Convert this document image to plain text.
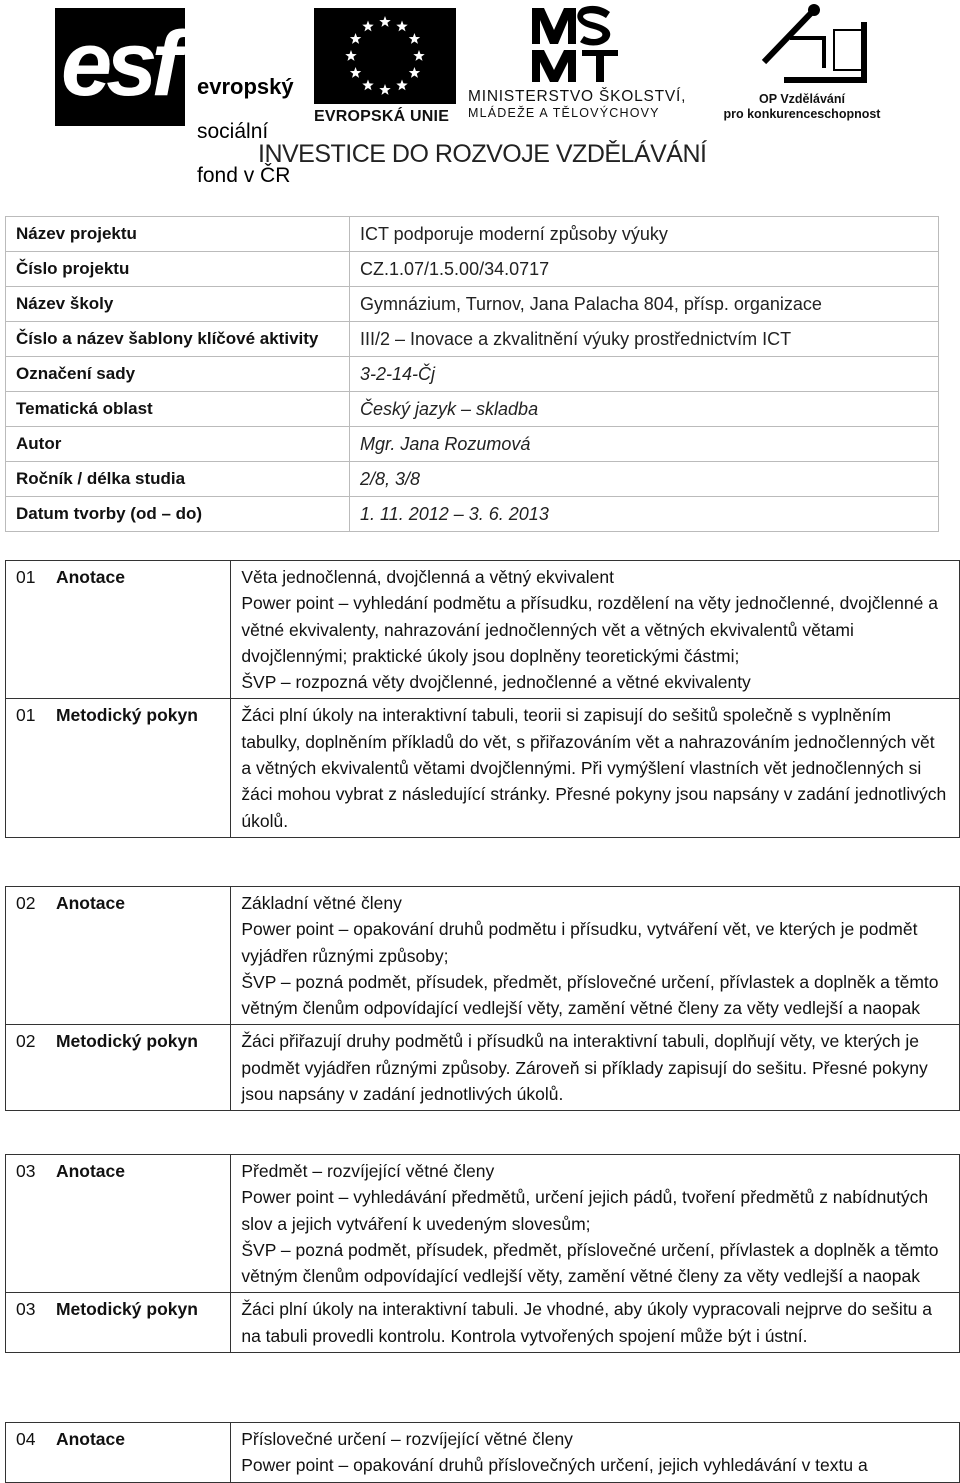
esf evropský

sociální

fond v ČR

EVROPSKÁ UNIE
MINISTERSTVO ŠKOLSTVÍ,
MLÁDEŽE A TĚLOVÝCHOVY
OP Vzdělávání
pro konkurenceschopnost
INVESTICE DO ROZVOJE VZDĚLÁVÁNÍ
Název projektu	ICT podporuje moderní způsoby výuky
Číslo projektu	CZ.1.07/1.5.00/34.0717
Název školy	Gymnázium, Turnov, Jana Palacha 804, přísp. organizace
Číslo a název šablony klíčové aktivity	III/2 – Inovace a zkvalitnění výuky prostřednictvím ICT
Označení sady	3-2-14-Čj
Tematická oblast	Český jazyk – skladba
Autor	Mgr. Jana Rozumová
Ročník / délka studia	2/8, 3/8
Datum tvorby (od – do)	1. 11. 2012 – 3. 6. 2013
01	Anotace	Věta jednočlenná, dvojčlenná a větný ekvivalent
Power point – vyhledání podmětu a přísudku, rozdělení na věty jednočlenné, dvojčlenné a větné ekvivalenty, nahrazování jednočlenných vět a větných ekvivalentů větami dvojčlennými; praktické úkoly jsou doplněny teoretickými částmi;
ŠVP – rozpozná věty dvojčlenné, jednočlenné a větné ekvivalenty

01	Metodický pokyn	Žáci plní úkoly na interaktivní tabuli, teorii si zapisují do sešitů společně s vyplněním tabulky, doplněním příkladů do vět, s přiřazováním vět a nahrazováním jednočlenných vět a větných ekvivalentů větami dvojčlennými. Při vymýšlení vlastních vět jednočlenných si žáci mohou vybrat z následující stránky. Přesné pokyny jsou napsány v zadání jednotlivých úkolů.
02	Anotace	Základní větné členy
Power point – opakování druhů podmětu i přísudku, vytváření vět, ve kterých je podmět vyjádřen různými způsoby;
ŠVP – pozná podmět, přísudek, předmět, příslovečné určení, přívlastek a doplněk a těmto větným členům odpovídající vedlejší věty, zamění větné členy za věty vedlejší a naopak

02	Metodický pokyn	Žáci přiřazují druhy podmětů i přísudků na interaktivní tabuli, doplňují věty, ve kterých je podmět vyjádřen různými způsoby. Zároveň si příklady zapisují do sešitu. Přesné pokyny jsou napsány v zadání jednotlivých úkolů.
03	Anotace	Předmět – rozvíjející větné členy
Power point – vyhledávání předmětů, určení jejich pádů, tvoření předmětů z nabídnutých slov a jejich vytváření k uvedeným slovesům;
ŠVP – pozná podmět, přísudek, předmět, příslovečné určení, přívlastek a doplněk a těmto větným členům odpovídající vedlejší věty, zamění větné členy za věty vedlejší a naopak

03	Metodický pokyn	Žáci plní úkoly na interaktivní tabuli. Je vhodné, aby úkoly vypracovali nejprve do sešitu a na tabuli provedli kontrolu. Kontrola vytvořených spojení může být i ústní.
04	Anotace	Příslovečné určení – rozvíjející větné členy
Power point – opakování druhů příslovečných určení, jejich vyhledávání v textu a
